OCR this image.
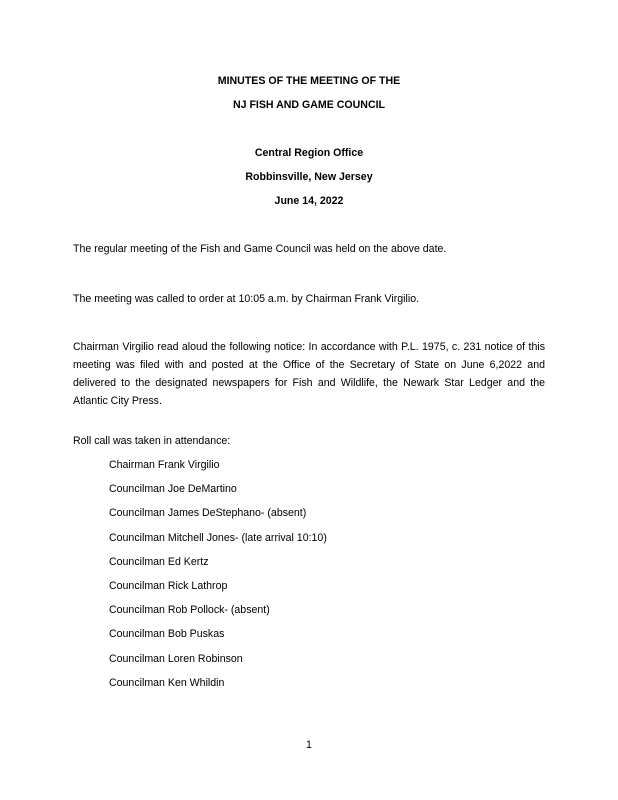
MINUTES OF THE MEETING OF THE
NJ FISH AND GAME COUNCIL
Central Region Office
Robbinsville, New Jersey
June 14, 2022
The regular meeting of the Fish and Game Council was held on the above date.
The meeting was called to order at 10:05 a.m. by Chairman Frank Virgilio.
Chairman Virgilio read aloud the following notice: In accordance with P.L. 1975, c. 231 notice of this meeting was filed with and posted at the Office of the Secretary of State on June 6,2022 and delivered to the designated newspapers for Fish and Wildlife, the Newark Star Ledger and the Atlantic City Press.
Roll call was taken in attendance:
Chairman Frank Virgilio
Councilman Joe DeMartino
Councilman James DeStephano- (absent)
Councilman Mitchell Jones- (late arrival 10:10)
Councilman Ed Kertz
Councilman Rick Lathrop
Councilman Rob Pollock- (absent)
Councilman Bob Puskas
Councilman Loren Robinson
Councilman Ken Whildin
1
